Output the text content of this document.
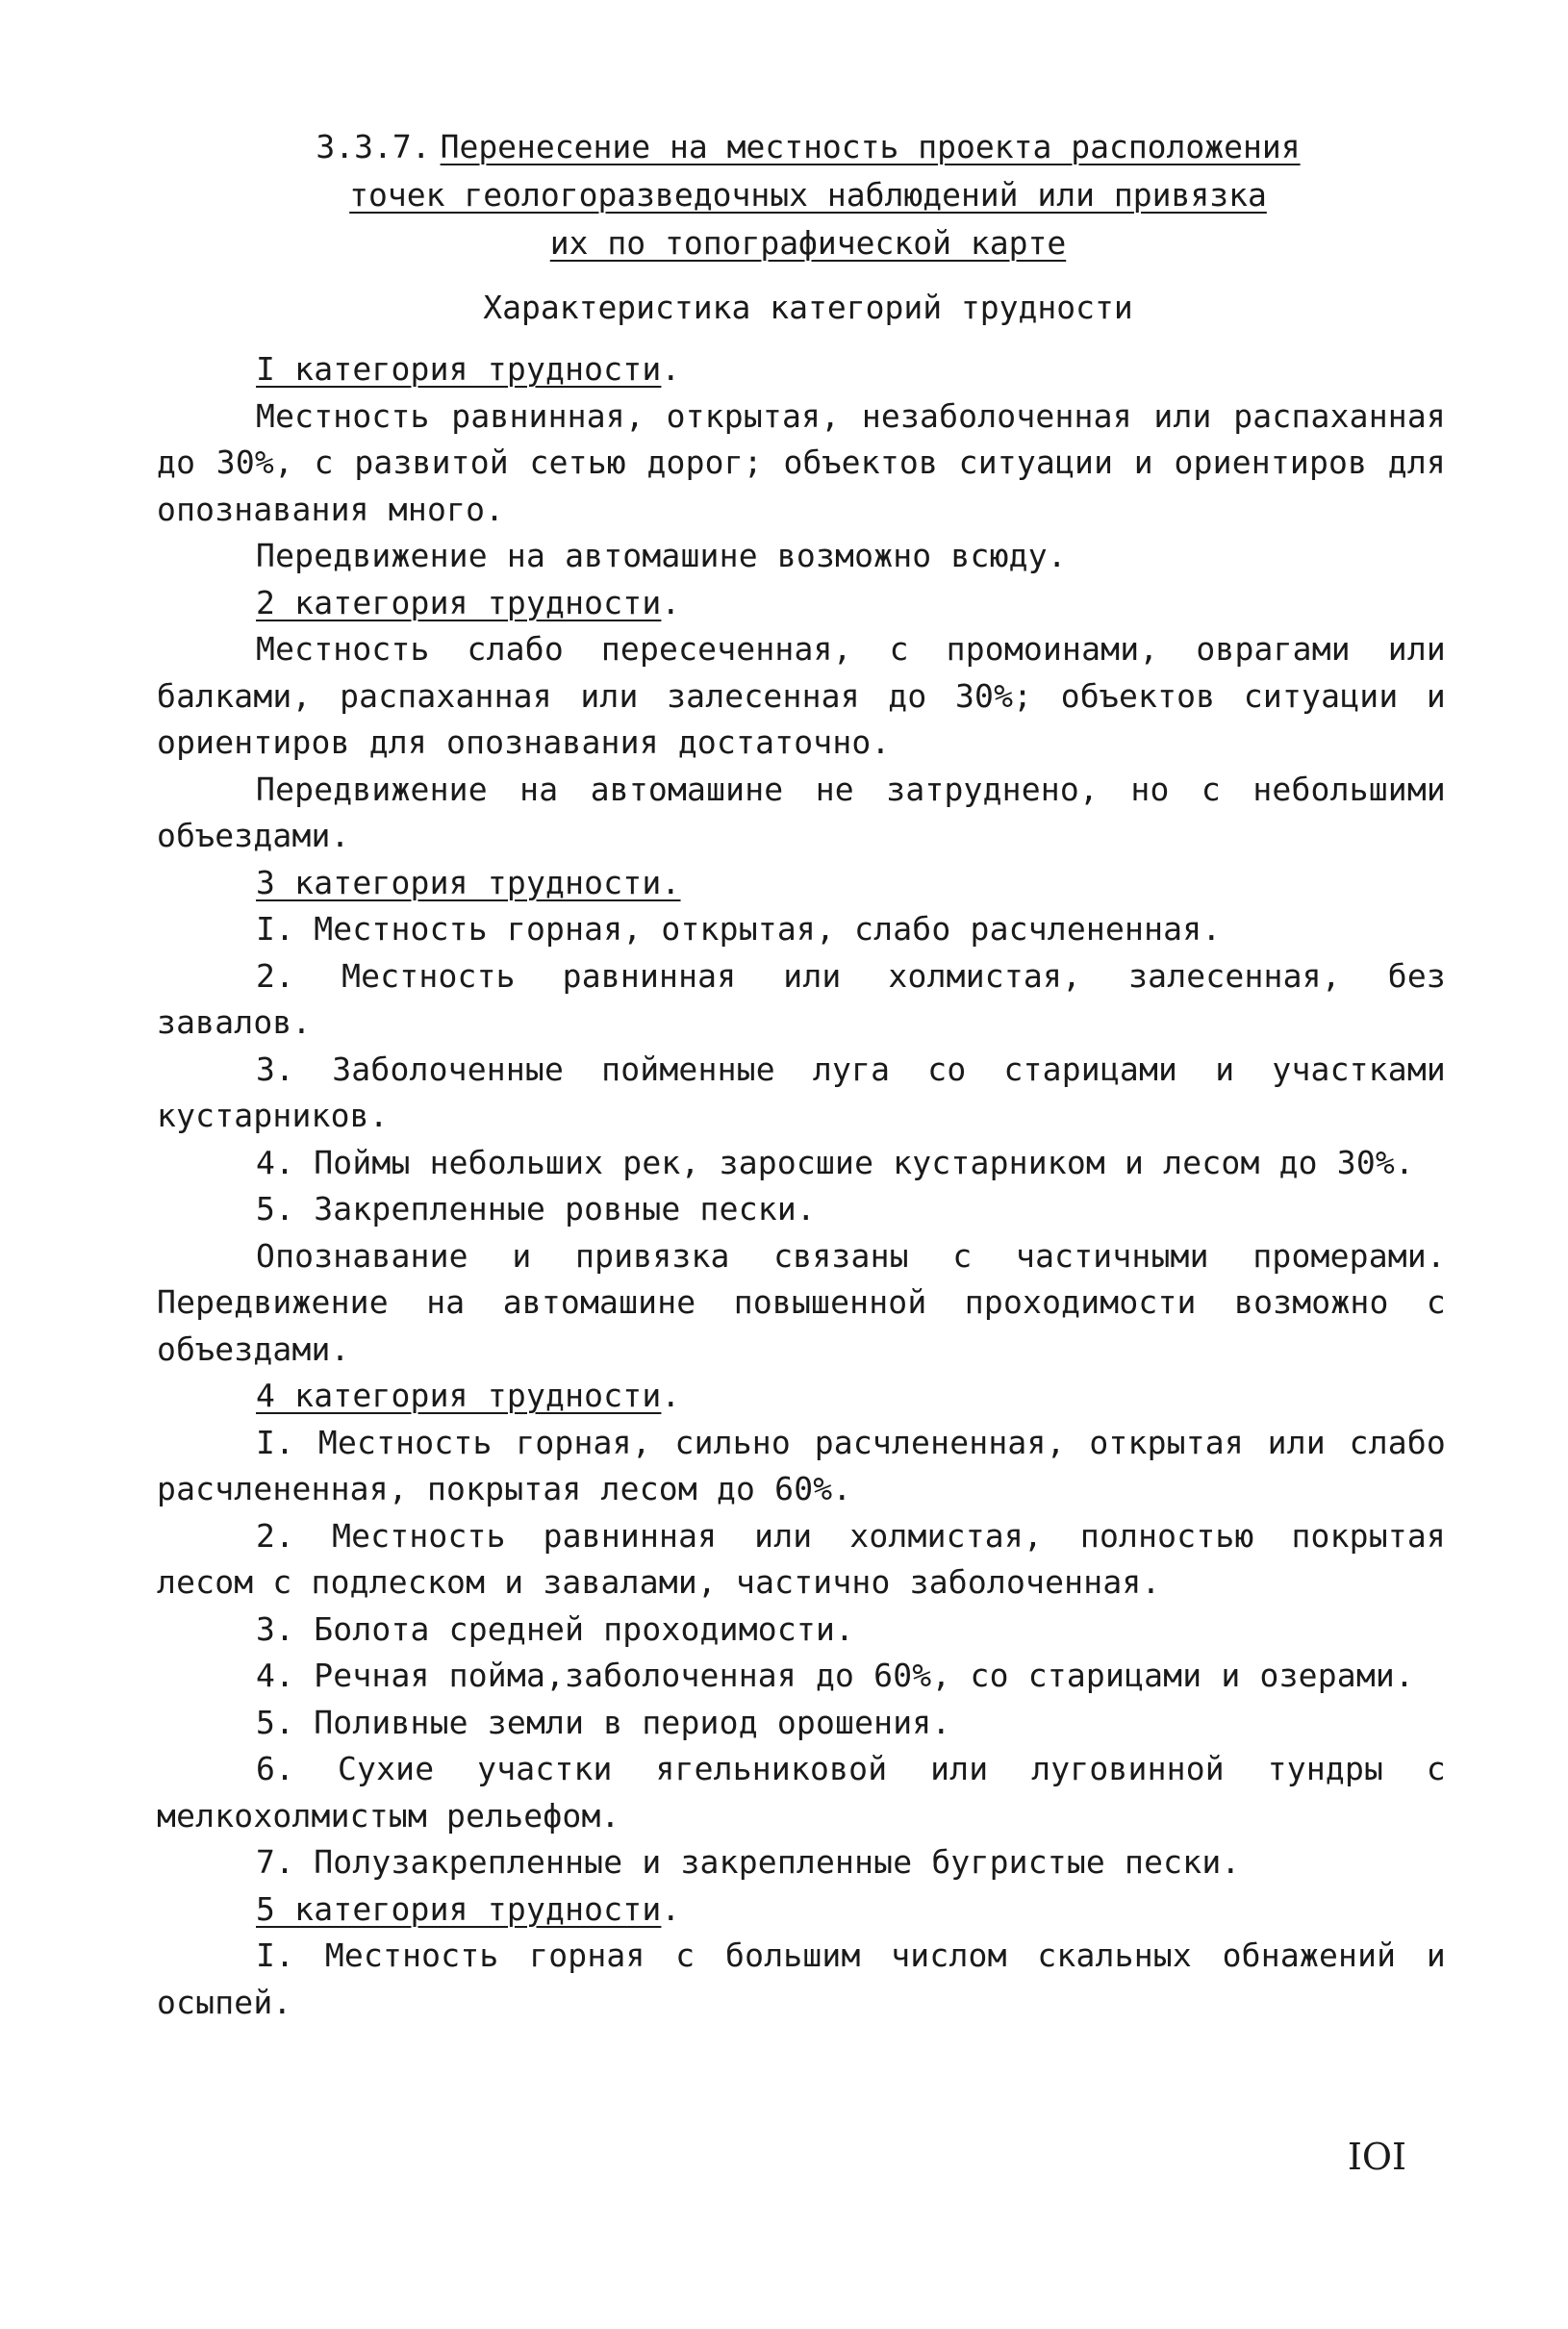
3.3.7. Перенесение на местность проекта расположения
точек геологоразведочных наблюдений или привязка
их по топографической карте
Характеристика категорий трудности

I категория трудности.

Местность равнинная, открытая, незаболоченная или распаханная до 30%, с развитой сетью дорог; объектов ситуации и ориентиров для опознавания много.

Передвижение на автомашине возможно всюду.

2 категория трудности.

Местность слабо пересеченная, с промоинами, оврагами или балками, распаханная или залесенная до 30%; объектов ситуации и ориентиров для опознавания достаточно.

Передвижение на автомашине не затруднено, но с небольшими объездами.

3 категория трудности.

I. Местность горная, открытая, слабо расчлененная.

2. Местность равнинная или холмистая, залесенная, без завалов.

3. Заболоченные пойменные луга со старицами и участками кустарников.

4. Поймы небольших рек, заросшие кустарником и лесом до 30%.

5. Закрепленные ровные пески.

Опознавание и привязка связаны с частичными промерами. Передвижение на автомашине повышенной проходимости возможно с объездами.

4 категория трудности.

I. Местность горная, сильно расчлененная, открытая или слабо расчлененная, покрытая лесом до 60%.

2. Местность равнинная или холмистая, полностью покрытая лесом с подлеском и завалами, частично заболоченная.

3. Болота средней проходимости.

4. Речная пойма,заболоченная до 60%, со старицами и озерами.

5. Поливные земли в период орошения.

6. Сухие участки ягельниковой или луговинной тундры с мелкохолмистым рельефом.

7. Полузакрепленные и закрепленные бугристые пески.

5 категория трудности.

I. Местность горная с большим числом скальных обнажений и осыпей.

IOI
